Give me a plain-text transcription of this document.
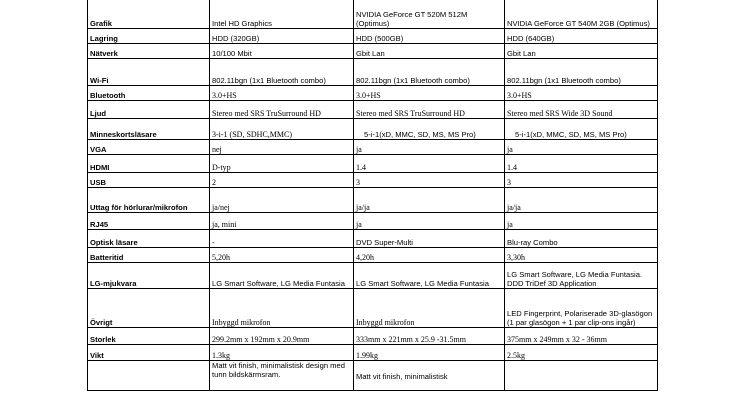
Grafik	Intel HD Graphics	NVIDIA GeForce GT 520M 512M (Optimus)	NVIDIA GeForce GT 540M 2GB (Optimus)
Lagring	HDD (320GB)	HDD (500GB)	HDD (640GB)
Nätverk	10/100 Mbit	Gbit Lan	Gbit Lan
Wi-Fi	802.11bgn (1x1 Bluetooth combo)	802.11bgn (1x1 Bluetooth combo)	802.11bgn (1x1 Bluetooth combo)
Bluetooth	3.0+HS	3.0+HS	3.0+HS
Ljud	Stereo med SRS TruSurround HD	Stereo med SRS TruSurround HD	Stereo med SRS Wide 3D Sound
Minneskortsläsare	3-i-1 (SD, SDHC,MMC)	5-i-1(xD, MMC, SD, MS, MS Pro)	5-i-1(xD, MMC, SD, MS, MS Pro)
VGA	nej	ja	ja
HDMI	D-typ	1.4	1.4
USB	2	3	3
Uttag för hörlurar/mikrofon	ja/nej	ja/ja	ja/ja
RJ45	ja, mini	ja	ja
Optisk läsare	-	DVD Super-Multi	Blu-ray Combo
Batteritid	5,20h	4,20h	3,30h
LG-mjukvara	LG Smart Software, LG Media Funtasia	LG Smart Software, LG Media Funtasia	LG Smart Software, LG Media Funtasia. DDD TriDef 3D Application
Övrigt	Inbyggd mikrofon	Inbyggd mikrofon	LED Fingerprint, Polariserade 3D-glasögon (1 par glasögon + 1 par clip-ons ingår)
Storlek	299.2mm x 192mm x 20.9mm	333mm x 221mm x 25.9 -31.5mm	375mm x 249mm x 32 - 36mm
Vikt	1.3kg	1.99kg	2.5kg
	Matt vit finish, minimalistisk design med tunn bildskärmsram.	Matt vit finish, minimalistisk	
